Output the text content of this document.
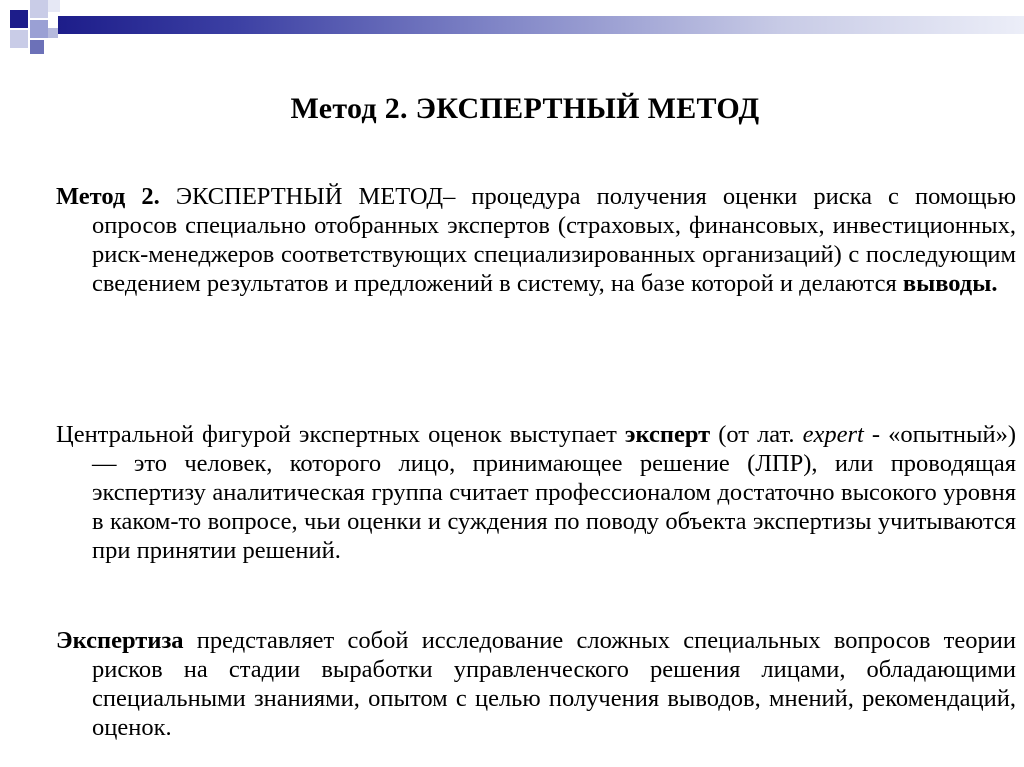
Метод 2. ЭКСПЕРТНЫЙ МЕТОД

Метод 2. ЭКСПЕРТНЫЙ МЕТОД– процедура получения оценки риска с помощью опросов специально отобранных экспертов (страховых, финансовых, инвестиционных, риск-менеджеров соответствующих специализированных организаций) с последующим сведением результатов и предложений в систему, на базе которой и делаются выводы.

Центральной фигурой экспертных оценок выступает эксперт (от лат. expert - «опытный») — это человек, которого лицо, принимающее решение (ЛПР), или проводящая экспертизу аналитическая группа считает профессионалом достаточно высокого уровня в каком-то вопросе, чьи оценки и суждения по поводу объекта экспертизы учитываются при принятии решений.

Экспертиза представляет собой исследование сложных специальных вопросов теории рисков на стадии выработки управленческого решения лицами, обладающими специальными знаниями, опытом с целью получения выводов, мнений, рекомендаций, оценок.
